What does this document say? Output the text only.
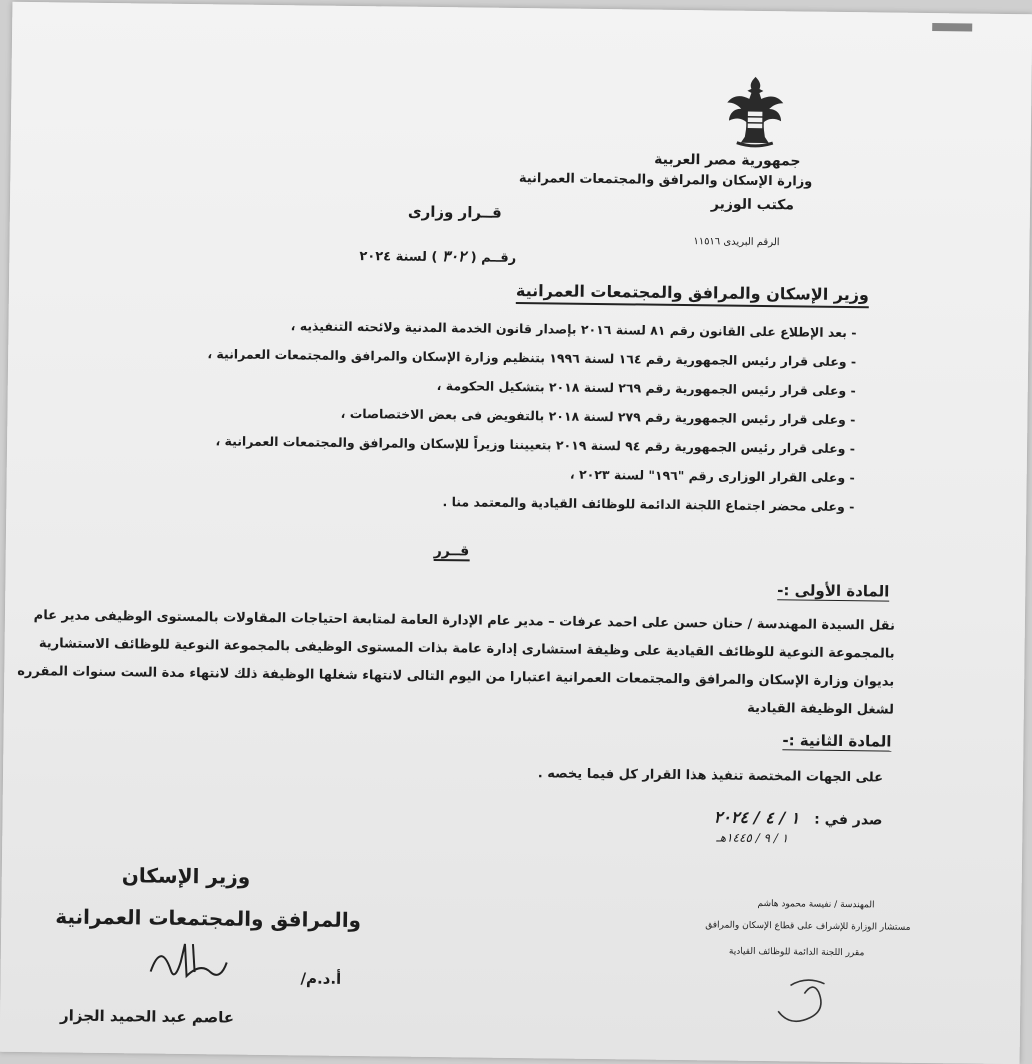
جمهورية مصر العربية
وزارة الإسكان والمرافق والمجتمعات العمرانية
مكتب الوزير
الرقم البريدى ١١٥١٦
قــرار وزارى
رقــم ( ٣٠٢ ) لسنة ٢٠٢٤
وزير الإسكان والمرافق والمجتمعات العمرانية
- بعد الإطلاع على القانون رقم ٨١ لسنة ٢٠١٦ بإصدار قانون الخدمة المدنية ولائحته التنفيذيه ،
- وعلى قرار رئيس الجمهورية رقم ١٦٤ لسنة ١٩٩٦ بتنظيم وزارة الإسكان والمرافق والمجتمعات العمرانية ،
- وعلى قرار رئيس الجمهورية رقم ٢٦٩ لسنة ٢٠١٨ بتشكيل الحكومة ،
- وعلى قرار رئيس الجمهورية رقم ٢٧٩ لسنة ٢٠١٨ بالتفويض فى بعض الاختصاصات ،
- وعلى قرار رئيس الجمهورية رقم ٩٤ لسنة ٢٠١٩ بتعييننا وزيراً للإسكان والمرافق والمجتمعات العمرانية ،
- وعلى القرار الوزارى رقم "١٩٦" لسنة ٢٠٢٣ ،
- وعلى محضر اجتماع اللجنة الدائمة للوظائف القيادية والمعتمد منا .
قــرر
المادة الأولى :-
نقل السيدة المهندسة / حنان حسن على احمد عرفات – مدير عام الإدارة العامة لمتابعة احتياجات المقاولات بالمستوى الوظيفى مدير عام بالمجموعة النوعية للوظائف القيادية على وظيفة استشارى إدارة عامة بذات المستوى الوظيفى بالمجموعة النوعية للوظائف الاستشارية بديوان وزارة الإسكان والمرافق والمجتمعات العمرانية اعتبارا من اليوم التالى لانتهاء شغلها الوظيفة ذلك لانتهاء مدة الست سنوات المقرره لشغل الوظيفة القيادية
المادة الثانية :-
على الجهات المختصة تنفيذ هذا القرار كل فيما يخصه .
صدر في : ١ / ٤ / ٢٠٢٤
١ / ٩ / ١٤٤٥هـ
وزير الإسكان
والمرافق والمجتمعات العمرانية
أ.د.م/
عاصم عبد الحميد الجزار
المهندسة / نفيسة محمود هاشم
مستشار الوزارة للإشراف على قطاع الإسكان والمرافق
مقرر اللجنة الدائمة للوظائف القيادية
